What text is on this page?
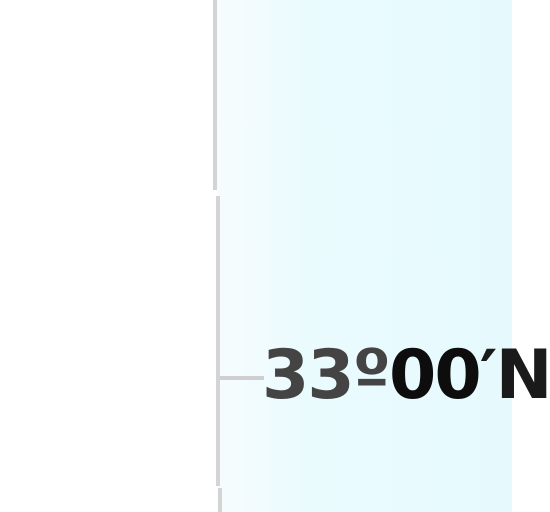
33º00′N
